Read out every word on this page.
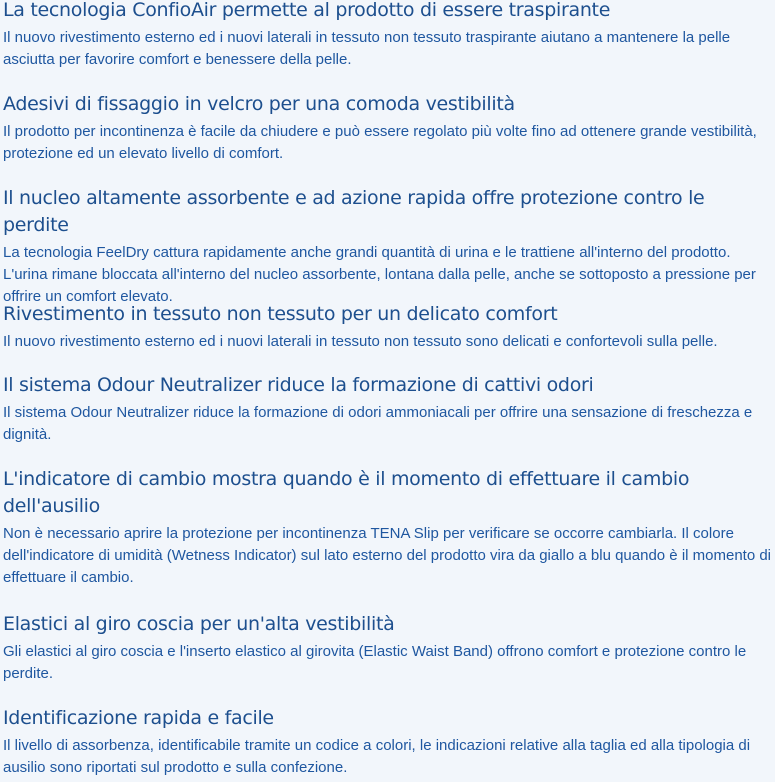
La tecnologia ConfioAir permette al prodotto di essere traspirante

Il nuovo rivestimento esterno ed i nuovi laterali in tessuto non tessuto traspirante aiutano a mantenere la pelle asciutta per favorire comfort e benessere della pelle.

Adesivi di fissaggio in velcro per una comoda vestibilità

Il prodotto per incontinenza è facile da chiudere e può essere regolato più volte fino ad ottenere grande vestibilità, protezione ed un elevato livello di comfort.

Il nucleo altamente assorbente e ad azione rapida offre protezione contro le perdite

La tecnologia FeelDry cattura rapidamente anche grandi quantità di urina e le trattiene all'interno del prodotto. L'urina rimane bloccata all'interno del nucleo assorbente, lontana dalla pelle, anche se sottoposto a pressione per offrire un comfort elevato.

Rivestimento in tessuto non tessuto per un delicato comfort

Il nuovo rivestimento esterno ed i nuovi laterali in tessuto non tessuto sono delicati e confortevoli sulla pelle.

Il sistema Odour Neutralizer riduce la formazione di cattivi odori

Il sistema Odour Neutralizer riduce la formazione di odori ammoniacali per offrire una sensazione di freschezza e dignità.

L'indicatore di cambio mostra quando è il momento di effettuare il cambio dell'ausilio

Non è necessario aprire la protezione per incontinenza TENA Slip per verificare se occorre cambiarla. Il colore dell'indicatore di umidità (Wetness Indicator) sul lato esterno del prodotto vira da giallo a blu quando è il momento di effettuare il cambio.

Elastici al giro coscia per un'alta vestibilità

Gli elastici al giro coscia e l'inserto elastico al girovita (Elastic Waist Band) offrono comfort e protezione contro le perdite.

Identificazione rapida e facile

Il livello di assorbenza, identificabile tramite un codice a colori, le indicazioni relative alla taglia ed alla tipologia di ausilio sono riportati sul prodotto e sulla confezione.
